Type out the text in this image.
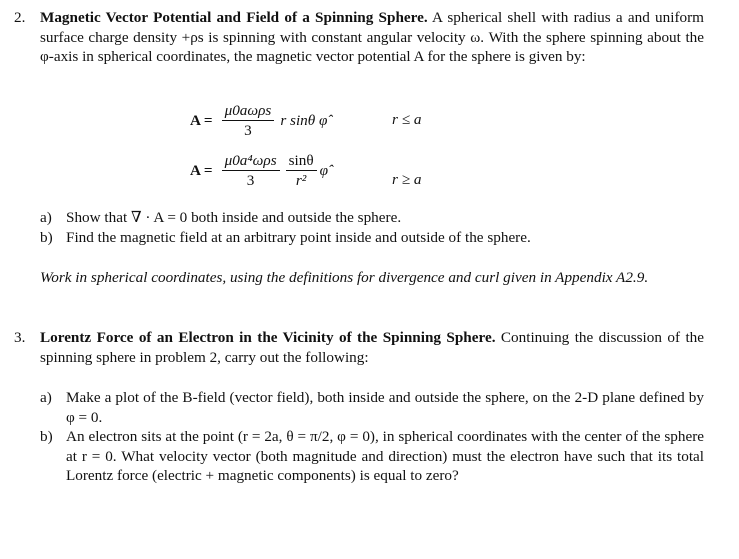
2. Magnetic Vector Potential and Field of a Spinning Sphere. A spherical shell with radius a and uniform surface charge density +ρs is spinning with constant angular velocity ω. With the sphere spinning about the φ-axis in spherical coordinates, the magnetic vector potential A for the sphere is given by:
$A = \frac{\text{μ0aωρs}}{3}$ r sinθ φ̂	r ≤ a
$A = \frac{\text{μ0a⁴ωρs}}{3} \frac{\sin\theta}{\text{r²}}$ φ̂
r ≥ a
a) Show that ∇ · A = 0 both inside and outside the sphere.
b) Find the magnetic field at an arbitrary point inside and outside of the sphere.
Work in spherical coordinates, using the definitions for divergence and curl given in Appendix A2.9.
3. Lorentz Force of an Electron in the Vicinity of the Spinning Sphere. Continuing the discussion of the spinning sphere in problem 2, carry out the following:
a) Make a plot of the B-field (vector field), both inside and outside the sphere, on the 2-D plane defined by φ = 0.
b) An electron sits at the point (r = 2a, θ = π/2, φ = 0), in spherical coordinates with the center of the sphere at r = 0. What velocity vector (both magnitude and direction) must the electron have such that its total Lorentz force (electric + magnetic components) is equal to zero?
